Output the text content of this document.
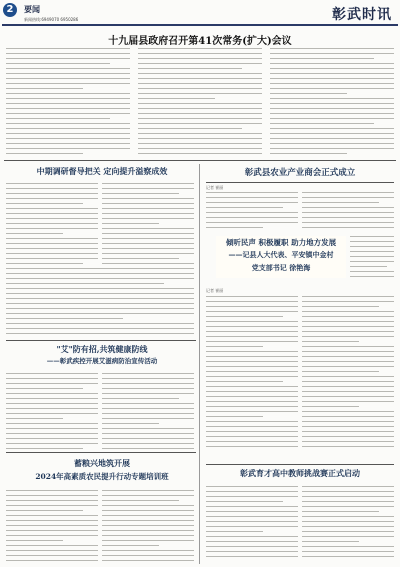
2	要闻
新闻热线:6949070 6950286	彰武时讯
十九届县政府召开第41次常务(扩大)会议
中期调研督导把关 定向提升溢察成效
"艾"防有招,共筑健康防线
——彰武疾控开展艾滋病防治宣传活动
蓄粮兴地筑开展
2024年高素质农民提升行动专题培训班
彰武县农业产业商会正式成立
记者 崔丽
倾听民声 积极履职 助力地方发展
——记县人大代表、平安镇中金村
党支部书记 徐艳海
记者 崔丽
彰武育才高中教师挑战赛正式启动
